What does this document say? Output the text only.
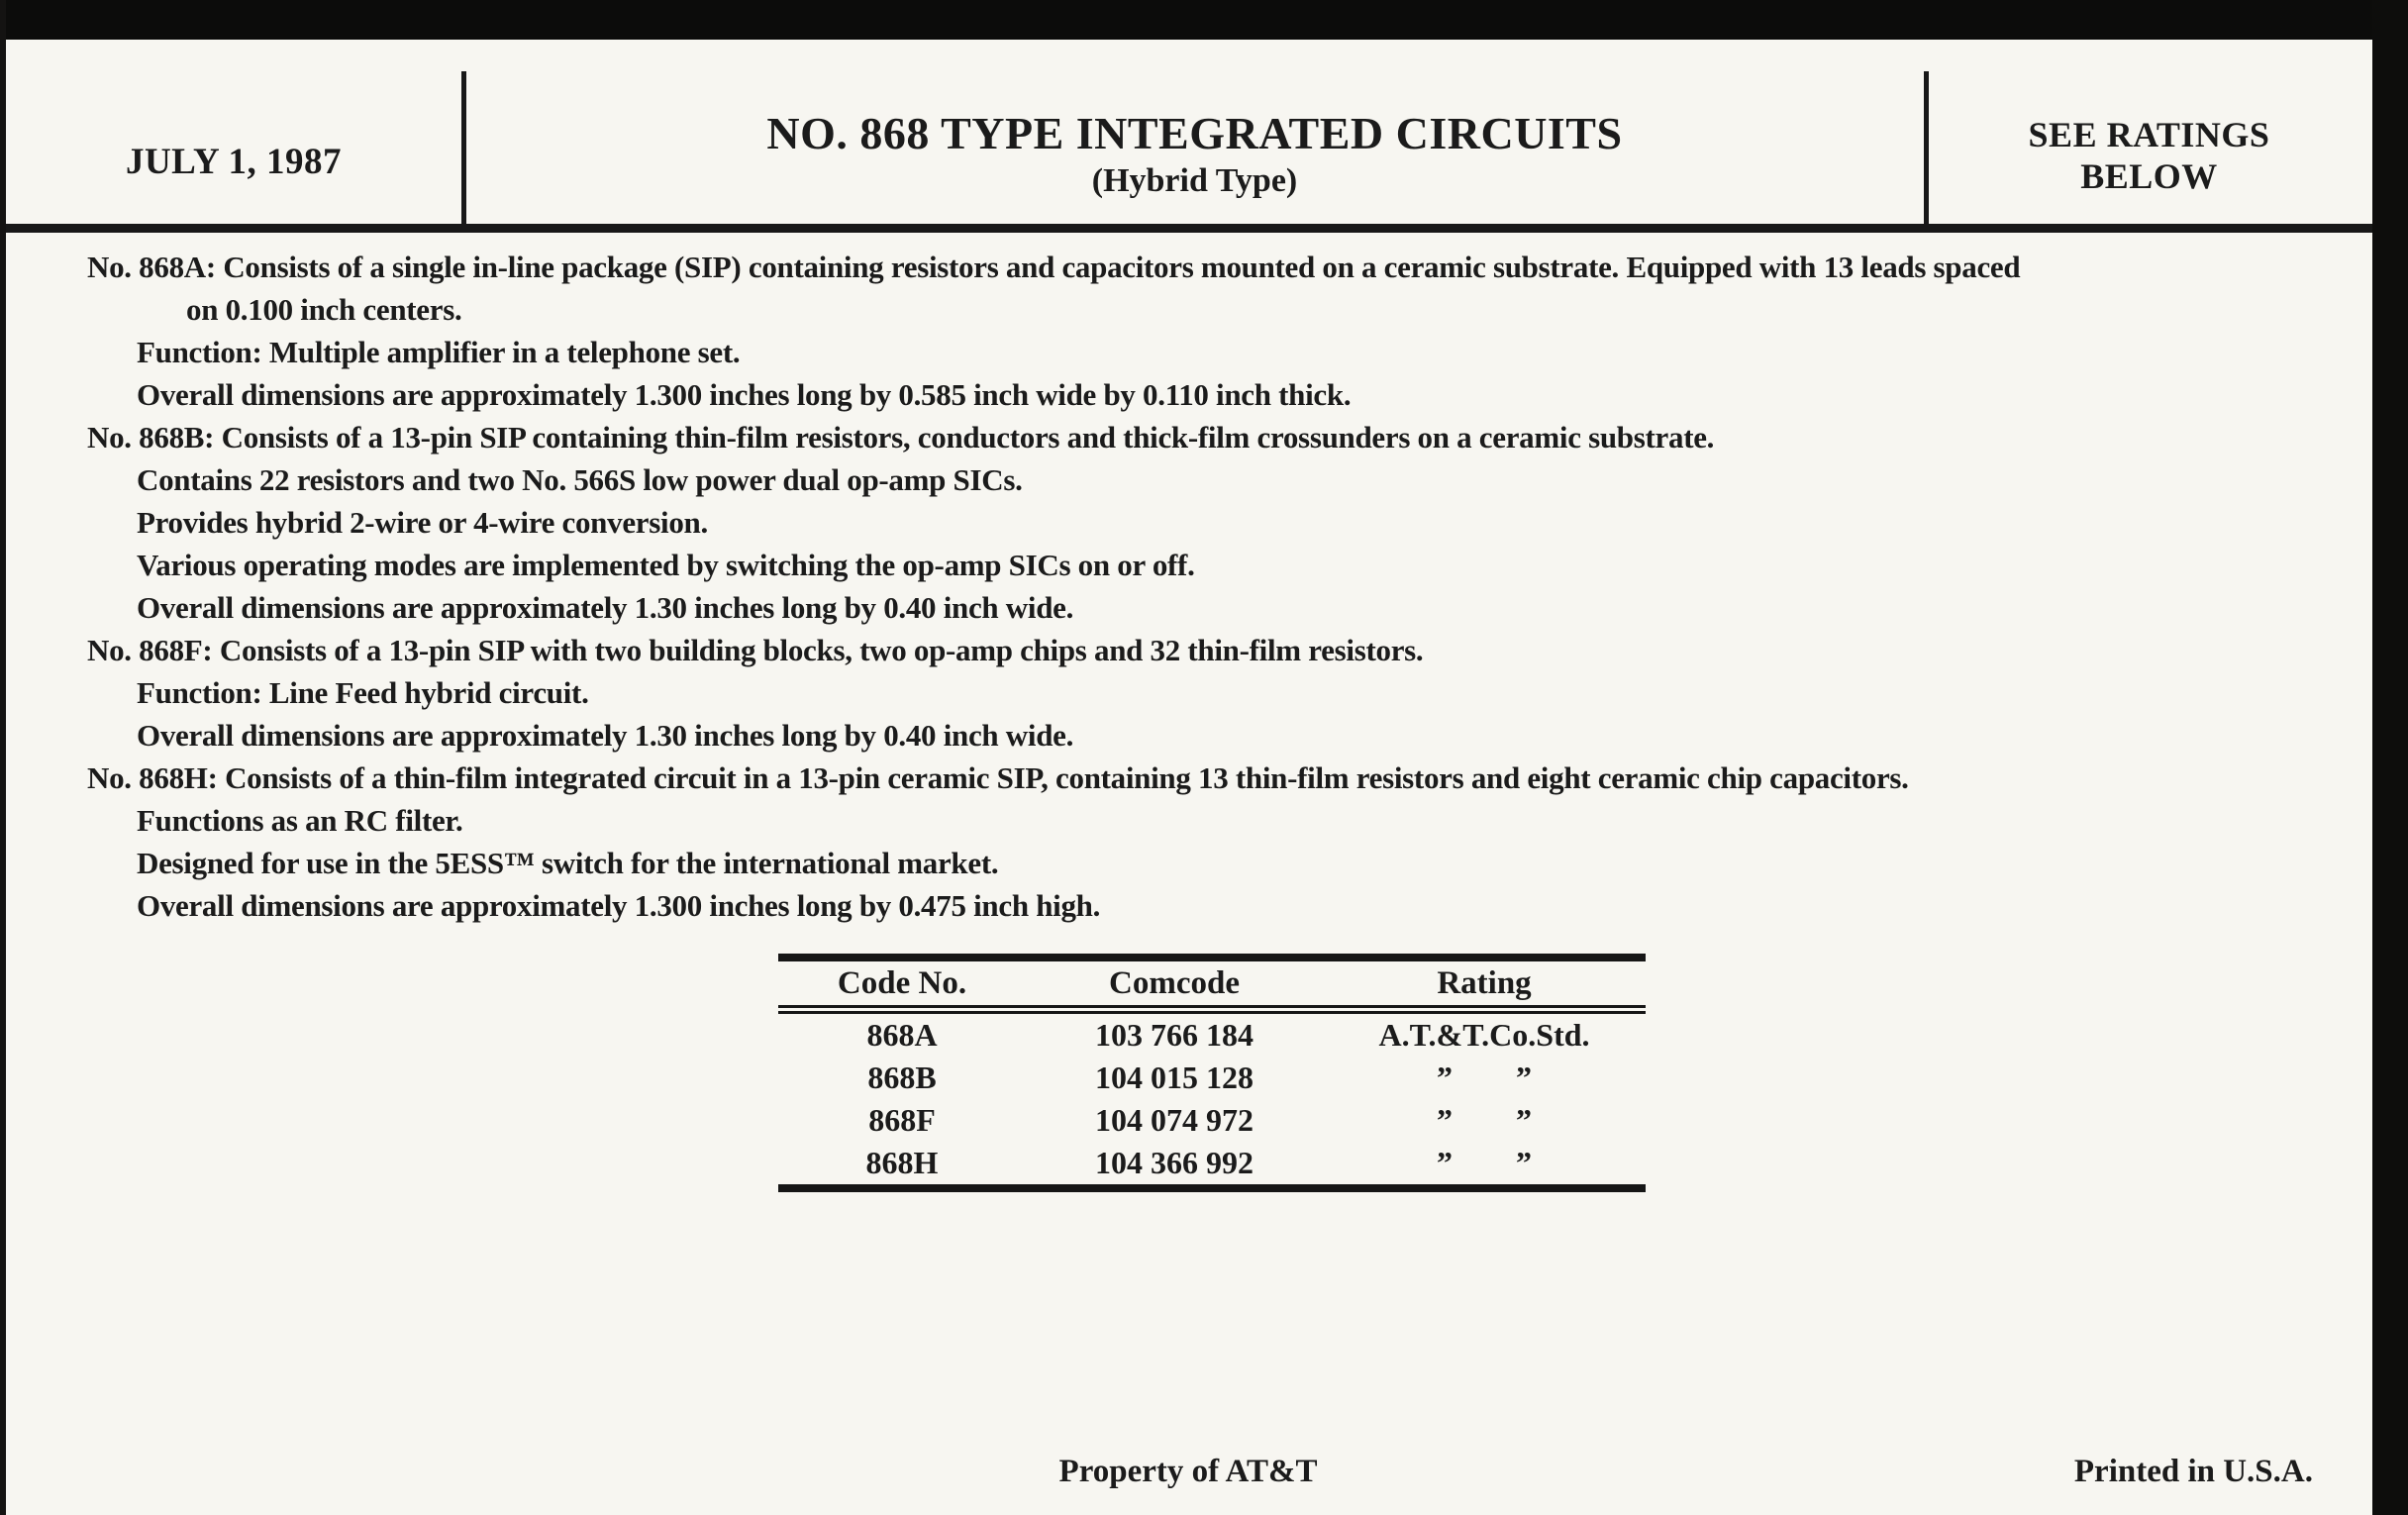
JULY 1, 1987
NO. 868 TYPE INTEGRATED CIRCUITS
(Hybrid Type)
SEE RATINGS
BELOW
No. 868A: Consists of a single in-line package (SIP) containing resistors and capacitors mounted on a ceramic substrate. Equipped with 13 leads spaced
on 0.100 inch centers.
Function: Multiple amplifier in a telephone set.
Overall dimensions are approximately 1.300 inches long by 0.585 inch wide by 0.110 inch thick.
No. 868B: Consists of a 13-pin SIP containing thin-film resistors, conductors and thick-film crossunders on a ceramic substrate.
Contains 22 resistors and two No. 566S low power dual op-amp SICs.
Provides hybrid 2-wire or 4-wire conversion.
Various operating modes are implemented by switching the op-amp SICs on or off.
Overall dimensions are approximately 1.30 inches long by 0.40 inch wide.
No. 868F: Consists of a 13-pin SIP with two building blocks, two op-amp chips and 32 thin-film resistors.
Function: Line Feed hybrid circuit.
Overall dimensions are approximately 1.30 inches long by 0.40 inch wide.
No. 868H: Consists of a thin-film integrated circuit in a 13-pin ceramic SIP, containing 13 thin-film resistors and eight ceramic chip capacitors.
Functions as an RC filter.
Designed for use in the 5ESS™ switch for the international market.
Overall dimensions are approximately 1.300 inches long by 0.475 inch high.
Code No.	Comcode	Rating
868A	103 766 184	A.T.&T.Co.Std.
868B	104 015 128	”        ”
868F	104 074 972	”        ”
868H	104 366 992	”        ”
Property of AT&T	Printed in U.S.A.
